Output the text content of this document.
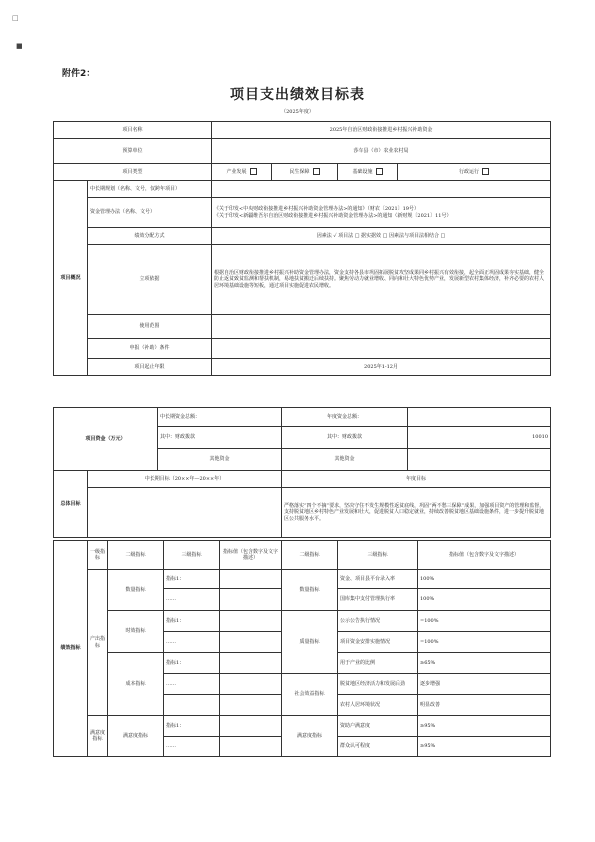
□
■
附件2：
项目支出绩效目标表
（2025年度）
项目名称		2025年自治区财政衔接推进乡村振兴补助资金			
预算单位		莎车县（市）农业农村局			
项目类型		产业发展	民生保障	基础设施	行政运行
项目概况	中长期规划（名称、文号，仅跨年项目）				
	资金管理办法（名称、文号）	《关于印发<中央财政衔接推进乡村振兴补助资金管理办法>的通知》（财农〔2021〕19号）
《关于印发<新疆维吾尔自治区财政衔接推进乡村振兴补助资金管理办法>的通知（新财规〔2021〕11号）			

	绩效分配方式	因素法 ✓ 项目法 □ 据实据效 □ 因素法与项目法相结合 □			
	立项依据	根据自治区财政衔接推进乡村振兴补助资金管理办法，资金支持各县市巩固拓展脱贫攻坚成果同乡村振兴有效衔接，起全面正巩固成果夯实基础，健全防止返贫致贫监测和帮扶机制，易地扶贫搬迁后续扶持。聚焦劳动力就业增收、同向和壮大特色优势产业，发展新型农村集体经济，补齐必要的农村人居环境基础设施等短板，通过项目实施促进农民增收。			
	使用范围				
	申报（补助）条件				
	项目起止年限	2025年1-12月			
项目资金（万元）	中长期资金总额：	年度资金总额：	
	其中：财政拨款	其中：财政拨款	10010
	其他资金	其他资金	
总体目标	中长期目标（20××年—20××年）	年度目标
		严格落实“四个不摘”要求，坚决守住不发生规模性返贫底线，巩固“两不愁三保障”成果，加强项目资产的管理和监督，支持脱贫地区乡村特色产业发展和壮大，促进脱贫人口稳定就业，持续改善脱贫地区基础设施条件，进一步提升脱贫地区公共服务水平。
绩效指标	一级指标	二级指标	三级指标	指标值（包含数字及文字描述）	二级指标	三级指标	指标值（包含数字及文字描述）
	产出指标	数量指标	指标1：		数量指标	资金、项目县平台录入率	100%
			……			国库集中支付管理执行率	100%
		时效指标	指标1：		质量指标	公示公告执行情况	=100%
			……			项目资金安排实施情况	=100%
		成本指标	指标1：			用于产业的比例	≥65%
			……		社会效益指标	脱贫地区经济活力和发展后劲	逐步增强
						农村人居环境状况	明显改善
	满意度指标	满意度指标	指标1：		满意度指标	资助户满意度	≥95%
			……			群众认可程度	≥95%
